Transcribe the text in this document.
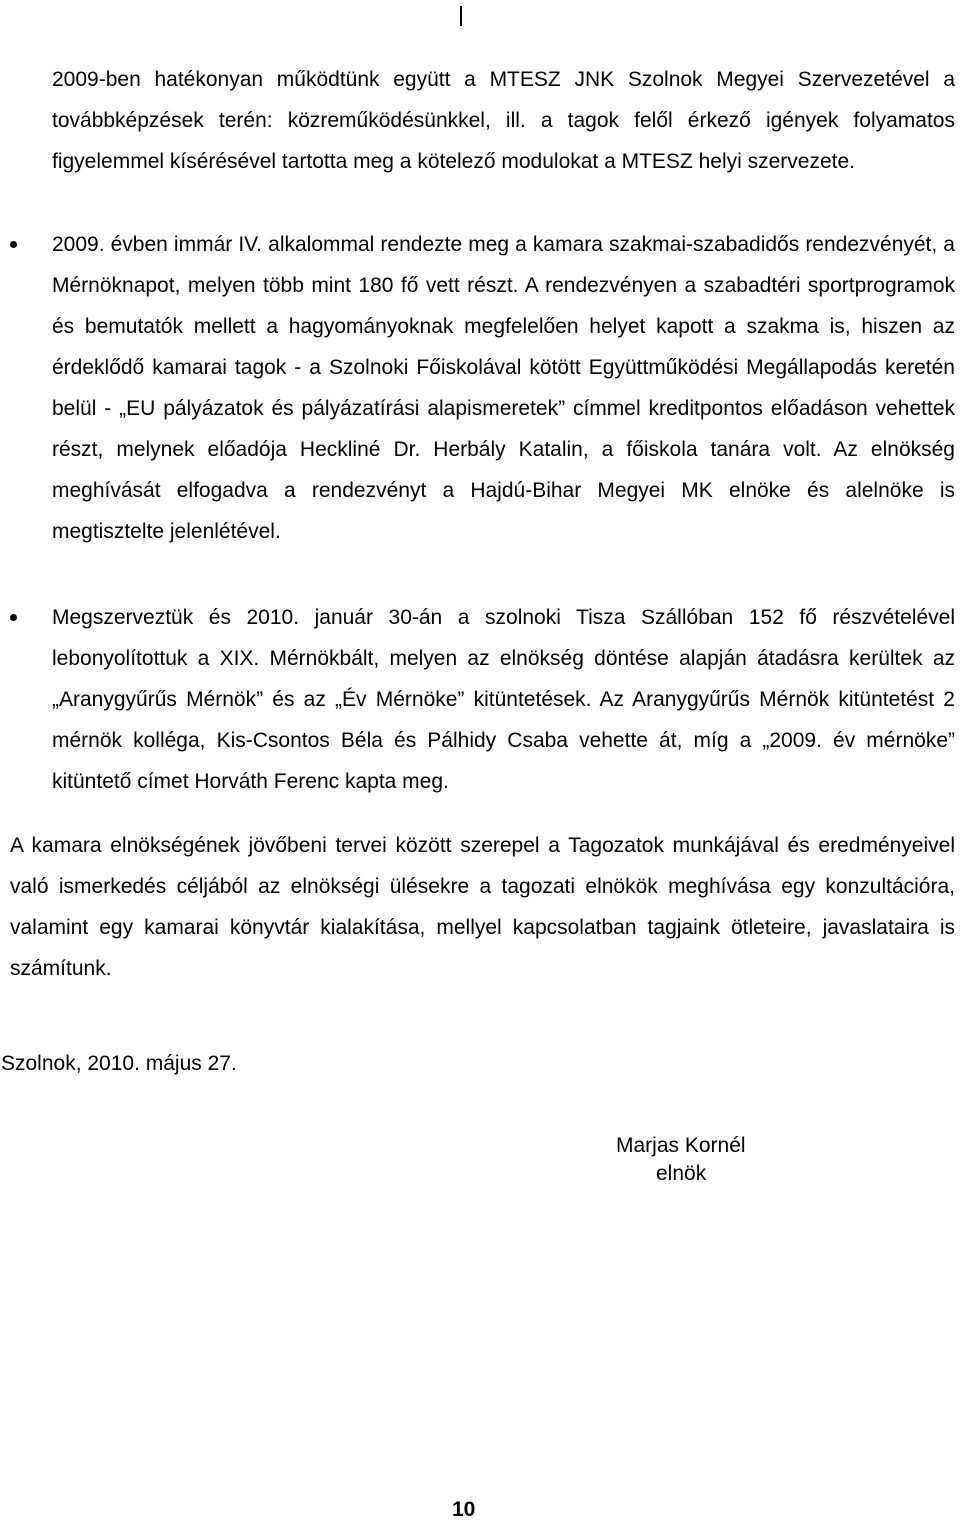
2009-ben hatékonyan működtünk együtt a MTESZ JNK Szolnok Megyei Szervezetével a továbbképzések terén: közreműködésünkkel, ill. a tagok felől érkező igények folyamatos figyelemmel kísérésével tartotta meg a kötelező modulokat a MTESZ helyi szervezete.

2009. évben immár IV. alkalommal rendezte meg a kamara szakmai-szabadidős rendezvényét, a Mérnöknapot, melyen több mint 180 fő vett részt. A rendezvényen a szabadtéri sportprogramok és bemutatók mellett a hagyományoknak megfelelően helyet kapott a szakma is, hiszen az érdeklődő kamarai tagok - a Szolnoki Főiskolával kötött Együttműködési Megállapodás keretén belül - „EU pályázatok és pályázatírási alapismeretek” címmel kreditpontos előadáson vehettek részt, melynek előadója Heckliné Dr. Herbály Katalin, a főiskola tanára volt. Az elnökség meghívását elfogadva a rendezvényt a Hajdú-Bihar Megyei MK elnöke és alelnöke is megtisztelte jelenlétével.

Megszerveztük és 2010. január 30-án a szolnoki Tisza Szállóban 152 fő részvételével lebonyolítottuk a XIX. Mérnökbált, melyen az elnökség döntése alapján átadásra kerültek az „Aranygyűrűs Mérnök” és az „Év Mérnöke” kitüntetések. Az Aranygyűrűs Mérnök kitüntetést 2 mérnök kolléga, Kis-Csontos Béla és Pálhidy Csaba vehette át, míg a „2009. év mérnöke” kitüntető címet Horváth Ferenc kapta meg.

A kamara elnökségének jövőbeni tervei között szerepel a Tagozatok munkájával és eredményeivel való ismerkedés céljából az elnökségi ülésekre a tagozati elnökök meghívása egy konzultációra, valamint egy kamarai könyvtár kialakítása, mellyel kapcsolatban tagjaink ötleteire, javaslataira is számítunk.

Szolnok, 2010. május 27.

Marjas Kornél

elnök

10
